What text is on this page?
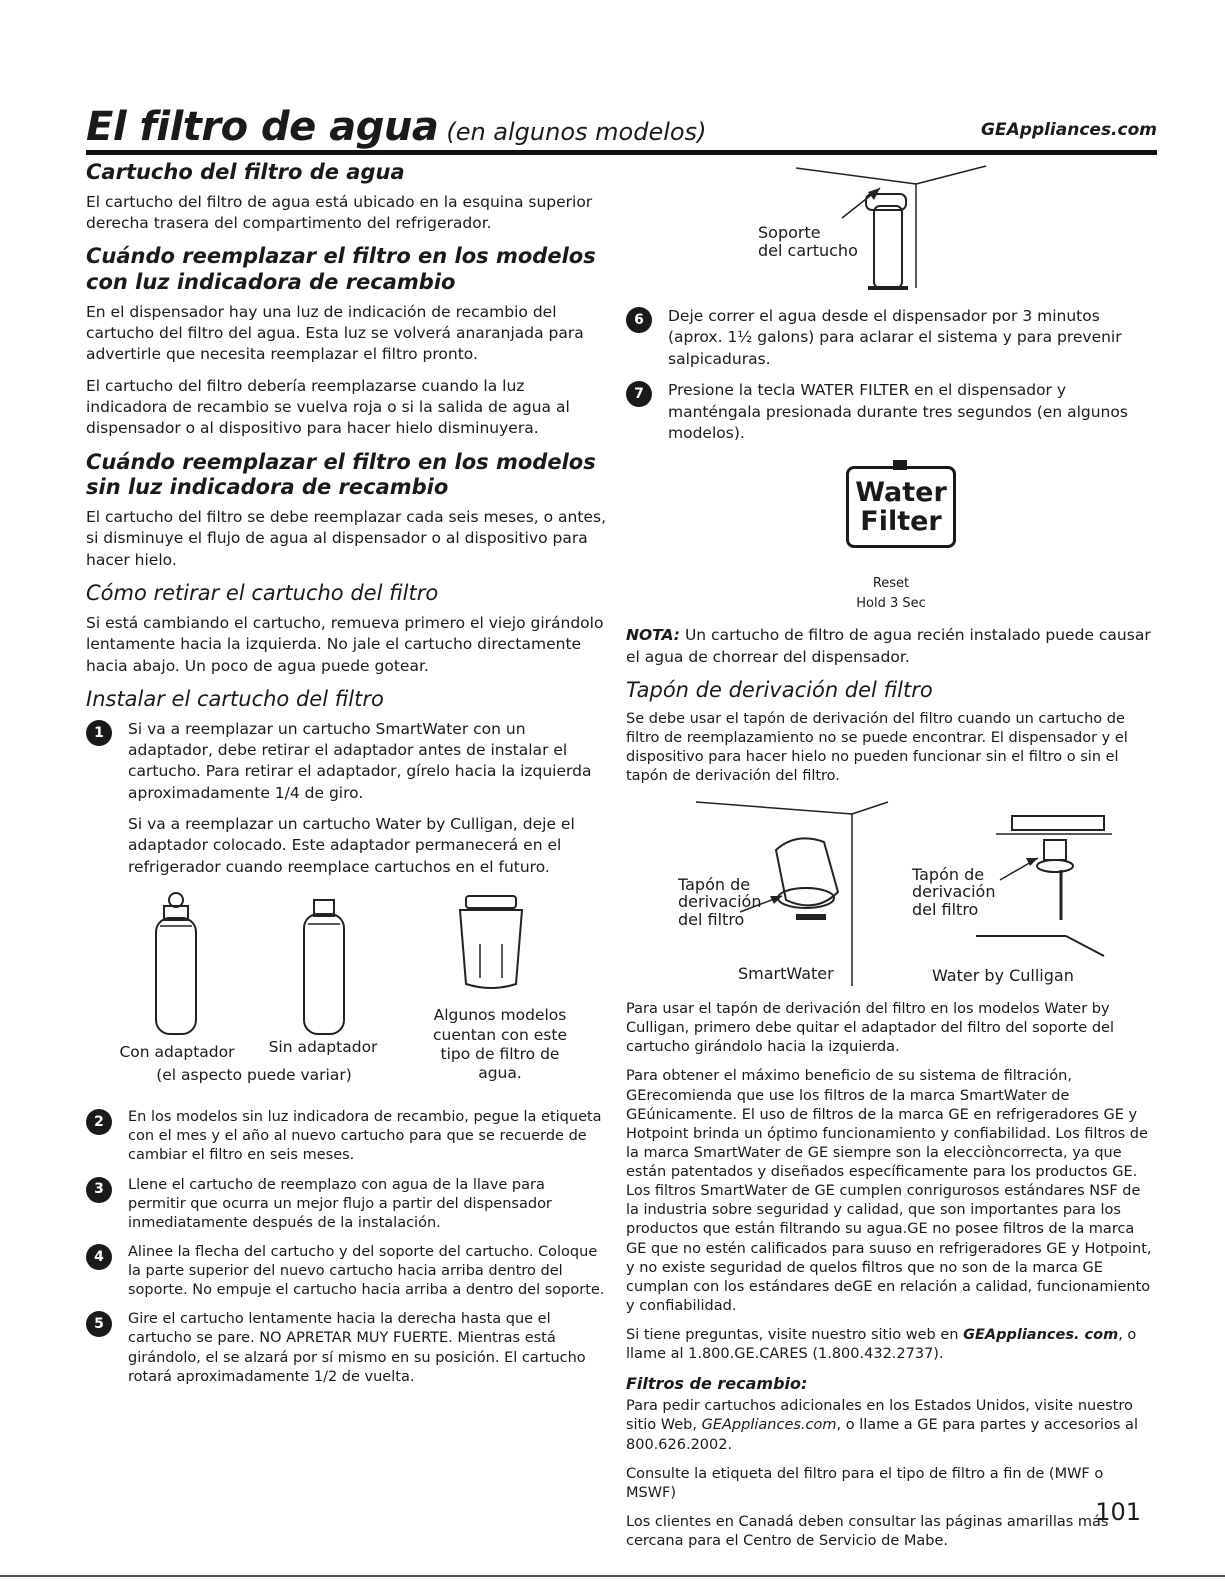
El filtro de agua (en algunos modelos)	GEAppliances.com
Cartucho del filtro de agua

El cartucho del filtro de agua está ubicado en la esquina superior derecha trasera del compartimento del refrigerador.

Cuándo reemplazar el filtro en los modelos con luz indicadora de recambio

En el dispensador hay una luz de indicación de recambio del cartucho del filtro del agua. Esta luz se volverá anaranjada para advertirle que necesita reemplazar el filtro pronto.

El cartucho del filtro debería reemplazarse cuando la luz indicadora de recambio se vuelva roja o si la salida de agua al dispensador o al dispositivo para hacer hielo disminuyera.

Cuándo reemplazar el filtro en los modelos sin luz indicadora de recambio

El cartucho del filtro se debe reemplazar cada seis meses, o antes, si disminuye el flujo de agua al dispensador o al dispositivo para hacer hielo.

Cómo retirar el cartucho del filtro

Si está cambiando el cartucho, remueva primero el viejo girándolo lentamente hacia la izquierda. No jale el cartucho directamente hacia abajo. Un poco de agua puede gotear.

Instalar el cartucho del filtro
1	Si va a reemplazar un cartucho SmartWater con un adaptador, debe retirar el adaptador antes de instalar el cartucho. Para retirar el adaptador, gírelo hacia la izquierda aproximadamente 1/4 de giro.

Si va a reemplazar un cartucho Water by Culligan, deje el adaptador colocado. Este adaptador permanecerá en el refrigerador cuando reemplace cartuchos en el futuro.

Con adaptador	Sin adaptador
(el aspecto puede variar)
Algunos modelos cuentan con este tipo de filtro de agua.
2	En los modelos sin luz indicadora de recambio, pegue la etiqueta con el mes y el año al nuevo cartucho para que se recuerde de cambiar el filtro en seis meses.

3	Llene el cartucho de reemplazo con agua de la llave para permitir que ocurra un mejor flujo a partir del dispensador inmediatamente después de la instalación.

4	Alinee la flecha del cartucho y del soporte del cartucho. Coloque la parte superior del nuevo cartucho hacia arriba dentro del soporte. No empuje el cartucho hacia arriba a dentro del soporte.

5	Gire el cartucho lentamente hacia la derecha hasta que el cartucho se pare. NO APRETAR MUY FUERTE. Mientras está girándolo, el se alzará por sí mismo en su posición. El cartucho rotará aproximadamente 1/2 de vuelta.

Soporte
del cartucho
6	Deje correr el agua desde el dispensador por 3 minutos (aprox. 1½ galons) para aclarar el sistema y para prevenir salpicaduras.

7	Presione la tecla WATER FILTER en el dispensador y manténgala presionada durante tres segundos (en algunos modelos).

Water
Filter
Reset
Hold 3 Sec

NOTA: Un cartucho de filtro de agua recién instalado puede causar el agua de chorrear del dispensador.

Tapón de derivación del filtro

Se debe usar el tapón de derivación del filtro cuando un cartucho de filtro de reemplazamiento no se puede encontrar. El dispensador y el dispositivo para hacer hielo no pueden funcionar sin el filtro o sin el tapón de derivación del filtro.

Tapón de
derivación
del filtro
Tapón de
derivación
del filtro
SmartWater	Water by Culligan

Para usar el tapón de derivación del filtro en los modelos Water by Culligan, primero debe quitar el adaptador del filtro del soporte del cartucho girándolo hacia la izquierda.

Para obtener el máximo beneficio de su sistema de filtración, GErecomienda que use los filtros de la marca SmartWater de GEúnicamente. El uso de filtros de la marca GE en refrigeradores GE y Hotpoint brinda un óptimo funcionamiento y confiabilidad. Los filtros de la marca SmartWater de GE siempre son la elecciòncorrecta, ya que están patentados y diseñados específicamente para los productos GE. Los filtros SmartWater de GE cumplen conrigurosos estándares NSF de la industria sobre seguridad y calidad, que son importantes para los productos que están filtrando su agua.GE no posee filtros de la marca GE que no estén calificados para suuso en refrigeradores GE y Hotpoint, y no existe seguridad de quelos filtros que no son de la marca GE cumplan con los estándares deGE en relación a calidad, funcionamiento y confiabilidad.

Si tiene preguntas, visite nuestro sitio web en GEAppliances. com, o llame al 1.800.GE.CARES (1.800.432.2737).

Filtros de recambio:

Para pedir cartuchos adicionales en los Estados Unidos, visite nuestro sitio Web, GEAppliances.com, o llame a GE para partes y accesorios al 800.626.2002.

Consulte la etiqueta del filtro para el tipo de filtro a fin de (MWF o MSWF)

Los clientes en Canadá deben consultar las páginas amarillas más cercana para el Centro de Servicio de Mabe.

101
